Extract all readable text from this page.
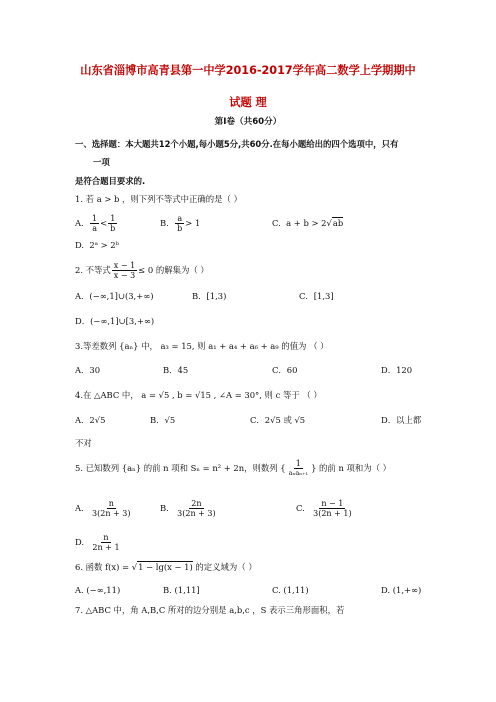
山东省淄博市高青县第一中学2016-2017学年高二数学上学期期中
试题 理
第I卷（共60分）
一、选择题：本大题共12个小题,每小题5分,共60分.在每小题给出的四个选项中，只有
一项
是符合题目要求的.
1. 若 a > b ，则下列不等式中正确的是（ ）
A.
$\frac{1}{a} < \frac{1}{b}$	B.
$\frac{a}{b} > 1$	C. a + b > 2√ab
D. 2ᵃ > 2ᵇ
2. 不等式 $\frac{x - 1}{x - 3} \le 0$ 的解集为（ ）
A．(−∞,1]∪(3,+∞)	B．[1,3)	C．[1,3]
D．(−∞,1]∪[3,+∞)
3.等差数列 {aₙ} 中， a₃ = 15, 则 a₁ + a₄ + a₆ + a₉ 的值为 （ ）
A．30	B．45	C．60	D．120
4.在 △ABC 中， a = √5 , b = √15 , ∠A = 30°, 则 c 等于 （ ）
A．2√5	B．√5	C．2√5 或 √5	D．以上都
不对
5. 已知数列 {aₙ} 的前 n 项和 Sₙ = n² + 2n，则数列 { $\frac{1}{\text{aₙaₙ₊₁}}$ } 的前 n 项和为（ ）
A.
$\frac{n}{3(2n + 3)}$	B.
$\frac{2n}{3(2n + 3)}$	C.
$\frac{n - 1}{3(2n + 1)}$
D.
$\frac{n}{2n + 1}$
6. 函数 f(x) = √1 − lg(x − 1) 的定义域为（ ）
A. (−∞,11)	B. (1,11]	C. (1,11)	D. (1,+∞)
7. △ABC 中，角 A,B,C 所对的边分别是 a,b,c ，S 表示三角形面积，若
